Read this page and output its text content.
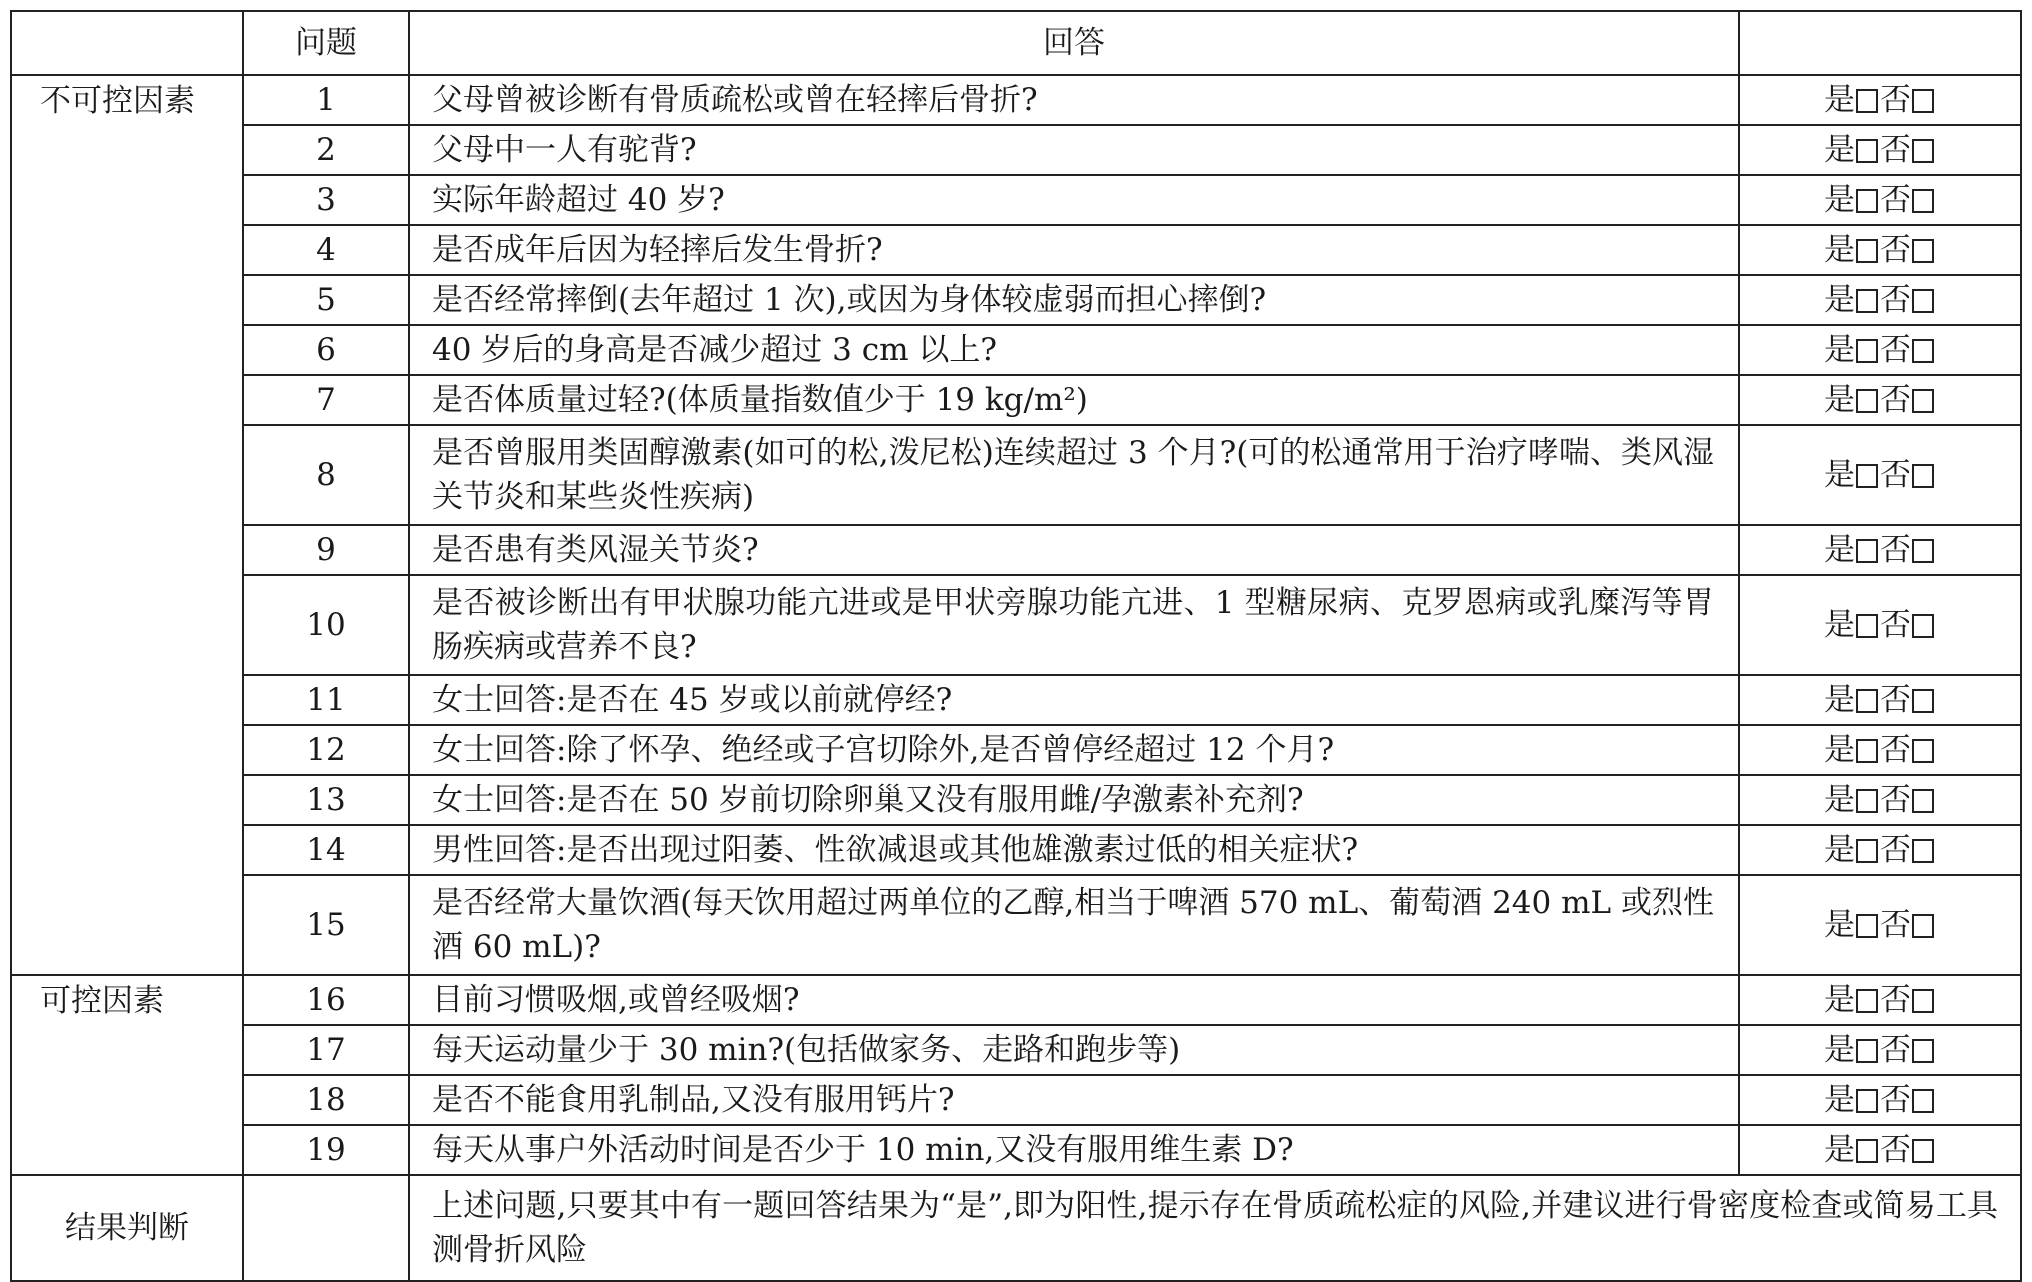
	问题	回答	
不可控因素	1	父母曾被诊断有骨质疏松或曾在轻摔后骨折?	是 否
	2	父母中一人有驼背?	是 否
	3	实际年龄超过 40 岁?	是 否
	4	是否成年后因为轻摔后发生骨折?	是 否
	5	是否经常摔倒(去年超过 1 次),或因为身体较虚弱而担心摔倒?	是 否
	6	40 岁后的身高是否减少超过 3 cm 以上?	是 否
	7	是否体质量过轻?(体质量指数值少于 19 kg/m²)	是 否
	8	是否曾服用类固醇激素(如可的松,泼尼松)连续超过 3 个月?(可的松通常用于治疗哮喘、类风湿关节炎和某些炎性疾病)	是 否
	9	是否患有类风湿关节炎?	是 否
	10	是否被诊断出有甲状腺功能亢进或是甲状旁腺功能亢进、1 型糖尿病、克罗恩病或乳糜泻等胃肠疾病或营养不良?	是 否
	11	女士回答:是否在 45 岁或以前就停经?	是 否
	12	女士回答:除了怀孕、绝经或子宫切除外,是否曾停经超过 12 个月?	是 否
	13	女士回答:是否在 50 岁前切除卵巢又没有服用雌/孕激素补充剂?	是 否
	14	男性回答:是否出现过阳萎、性欲减退或其他雄激素过低的相关症状?	是 否
	15	是否经常大量饮酒(每天饮用超过两单位的乙醇,相当于啤酒 570 mL、葡萄酒 240 mL 或烈性酒 60 mL)?	是 否
可控因素	16	目前习惯吸烟,或曾经吸烟?	是 否
	17	每天运动量少于 30 min?(包括做家务、走路和跑步等)	是 否
	18	是否不能食用乳制品,又没有服用钙片?	是 否
	19	每天从事户外活动时间是否少于 10 min,又没有服用维生素 D?	是 否
结果判断		上述问题,只要其中有一题回答结果为“是”,即为阳性,提示存在骨质疏松症的风险,并建议进行骨密度检查或简易工具测骨折风险	
